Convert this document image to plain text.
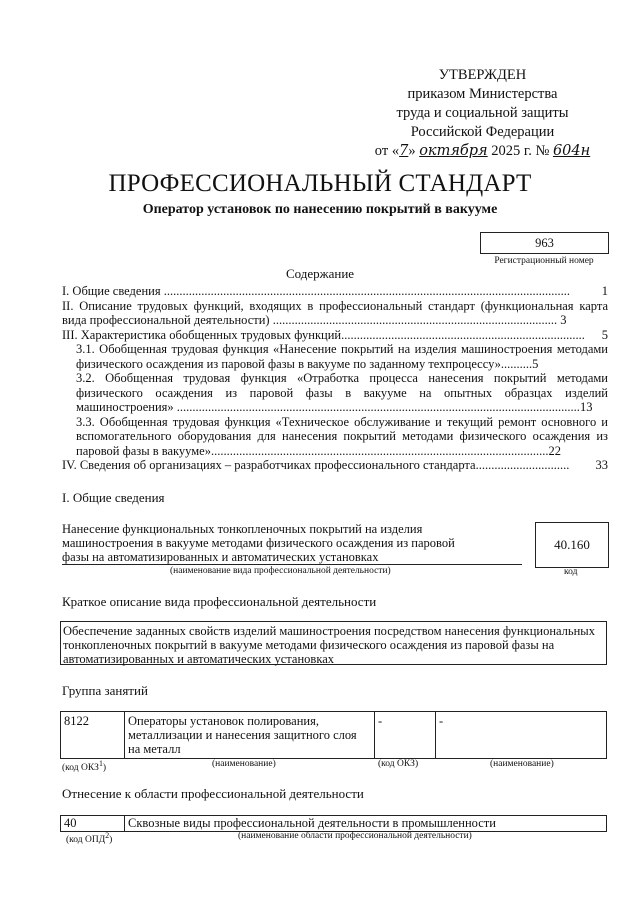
УТВЕРЖДЕН
приказом Министерства
труда и социальной защиты
Российской Федерации
от «7» октября 2025 г. № 604н
ПРОФЕССИОНАЛЬНЫЙ СТАНДАРТ
Оператор установок по нанесению покрытий в вакууме
963
Регистрационный номер
Содержание
I. Общие сведения ..................................................................................................................................	1
II. Описание трудовых функций, входящих в профессиональный стандарт (функциональная карта вида профессиональной деятельности) ........................................................................................... 3
III. Характеристика обобщенных трудовых функций..............................................................................	5
3.1. Обобщенная трудовая функция «Нанесение покрытий на изделия машиностроения методами физического осаждения из паровой фазы в вакууме по заданному техпроцессу»..........5
3.2. Обобщенная трудовая функция «Отработка процесса нанесения покрытий методами физического осаждения из паровой фазы в вакууме на опытных образцах изделий машиностроения» .................................................................................................................................13
3.3. Обобщенная трудовая функция «Техническое обслуживание и текущий ремонт основного и вспомогательного оборудования для нанесения покрытий методами физического осаждения из паровой фазы в вакууме»............................................................................................................22
IV. Сведения об организациях – разработчиках профессионального стандарта..............................	33
I. Общие сведения
Нанесение функциональных тонкопленочных покрытий на изделия машиностроения в вакууме методами физического осаждения из паровой фазы на автоматизированных и автоматических установках
(наименование вида профессиональной деятельности)
40.160
код
Краткое описание вида профессиональной деятельности
Обеспечение заданных свойств изделий машиностроения посредством нанесения функциональных тонкопленочных покрытий в вакууме методами физического осаждения из паровой фазы на автоматизированных и автоматических установках
Группа занятий
8122	Операторы установок полирования, металлизации и нанесения защитного слоя на металл	-	-
(код ОКЗ$^1$)	(наименование)	(код ОКЗ)	(наименование)
Отнесение к области профессиональной деятельности
40	Сквозные виды профессиональной деятельности в промышленности
(код ОПД$^2$)	(наименование области профессиональной деятельности)
